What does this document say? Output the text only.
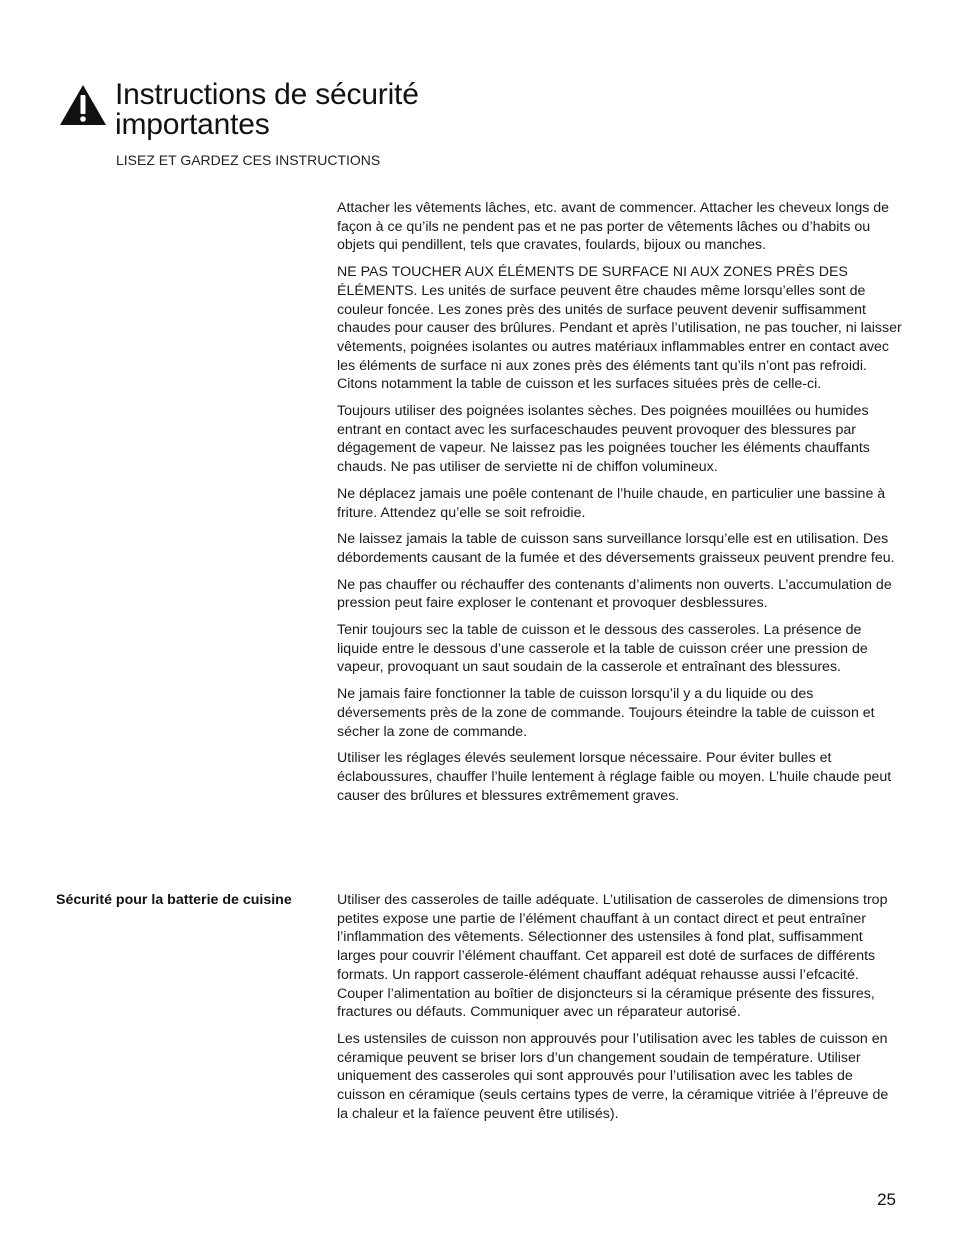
Instructions de sécurité
importantes
LISEZ ET GARDEZ CES INSTRUCTIONS

Attacher les vêtements lâches, etc. avant de commencer. Attacher les cheveux longs de façon à ce qu’ils ne pendent pas et ne pas porter de vêtements lâches ou d’habits ou objets qui pendillent, tels que cravates, foulards, bijoux ou manches.

NE PAS TOUCHER AUX ÉLÉMENTS DE SURFACE NI AUX ZONES PRÈS DES ÉLÉMENTS. Les unités de surface peuvent être chaudes même lorsqu’elles sont de couleur foncée. Les zones près des unités de surface peuvent devenir suffisamment chaudes pour causer des brûlures. Pendant et après l’utilisation, ne pas toucher, ni laisser vêtements, poignées isolantes ou autres matériaux inflammables entrer en contact avec les éléments de surface ni aux zones près des éléments tant qu’ils n’ont pas refroidi. Citons notamment la table de cuisson et les surfaces situées près de celle-ci.

Toujours utiliser des poignées isolantes sèches. Des poignées mouillées ou humides entrant en contact avec les surfaceschaudes peuvent provoquer des blessures par dégagement de vapeur. Ne laissez pas les poignées toucher les éléments chauffants chauds. Ne pas utiliser de serviette ni de chiffon volumineux.

Ne déplacez jamais une poêle contenant de l’huile chaude, en particulier une bassine à friture. Attendez qu’elle se soit refroidie.

Ne laissez jamais la table de cuisson sans surveillance lorsqu’elle est en utilisation. Des débordements causant de la fumée et des déversements graisseux peuvent prendre feu.

Ne pas chauffer ou réchauffer des contenants d’aliments non ouverts. L’accumulation de pression peut faire exploser le contenant et provoquer desblessures.

Tenir toujours sec la table de cuisson et le dessous des casseroles. La présence de liquide entre le dessous d’une casserole et la table de cuisson créer une pression de vapeur, provoquant un saut soudain de la casserole et entraînant des blessures.

Ne jamais faire fonctionner la table de cuisson lorsqu’il y a du liquide ou des déversements près de la zone de commande. Toujours éteindre la table de cuisson et sécher la zone de commande.

Utiliser les réglages élevés seulement lorsque nécessaire. Pour éviter bulles et éclaboussures, chauffer l’huile lentement à réglage faible ou moyen. L’huile chaude peut causer des brûlures et blessures extrêmement graves.

Sécurité pour la batterie de cuisine	Utiliser des casseroles de taille adéquate. L’utilisation de casseroles de dimensions trop petites expose une partie de l’élément chauffant à un contact direct et peut entraîner l’inflammation des vêtements. Sélectionner des ustensiles à fond plat, suffisamment larges pour couvrir l’élément chauffant. Cet appareil est doté de surfaces de différents formats. Un rapport casserole-élément chauffant adéquat rehausse aussi l’efcacité. Couper l’alimentation au boîtier de disjoncteurs si la céramique présente des fissures, fractures ou défauts. Communiquer avec un réparateur autorisé.

Les ustensiles de cuisson non approuvés pour l’utilisation avec les tables de cuisson en céramique peuvent se briser lors d’un changement soudain de température. Utiliser uniquement des casseroles qui sont approuvés pour l’utilisation avec les tables de cuisson en céramique (seuls certains types de verre, la céramique vitriée à l’épreuve de la chaleur et la faïence peuvent être utilisés).

25
